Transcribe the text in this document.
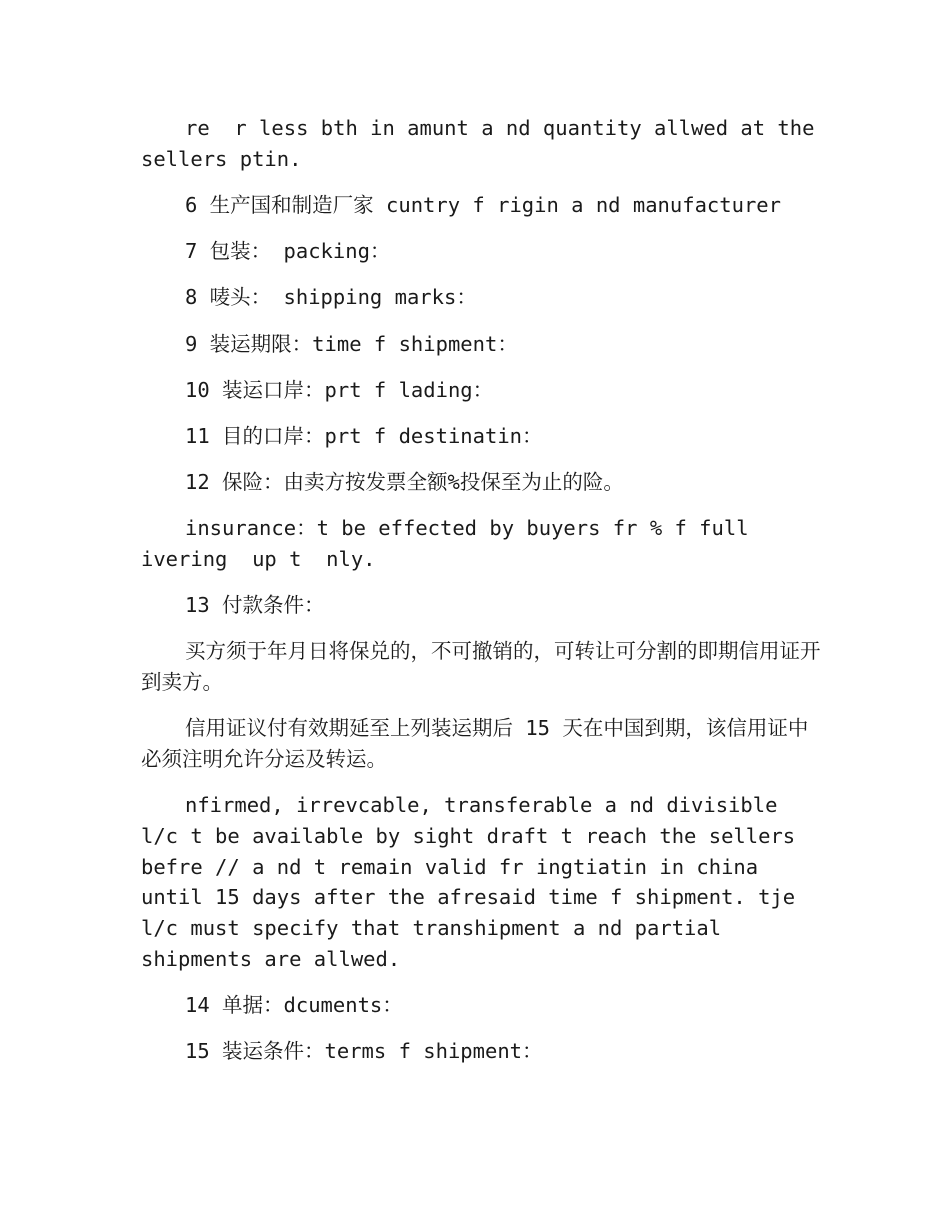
re  r less bth in amunt a nd quantity allwed at the sellers ptin.

6 生产国和制造厂家 cuntry f rigin a nd manufacturer

7 包装： packing：

8 唛头： shipping marks：

9 装运期限：time f shipment：

10 装运口岸：prt f lading：

11 目的口岸：prt f destinatin：

12 保险：由卖方按发票全额%投保至为止的险。

insurance：t be effected by buyers fr % f full ivering  up t  nly.

13 付款条件：

买方须于年月日将保兑的，不可撤销的，可转让可分割的即期信用证开到卖方。

信用证议付有效期延至上列装运期后 15 天在中国到期，该信用证中必须注明允许分运及转运。

nfirmed, irrevcable, transferable a nd divisible l/c t be available by sight draft t reach the sellers befre // a nd t remain valid fr ingtiatin in china until 15 days after the afresaid time f shipment. tje l/c must specify that transhipment a nd partial shipments are allwed.

14 单据：dcuments：

15 装运条件：terms f shipment：
